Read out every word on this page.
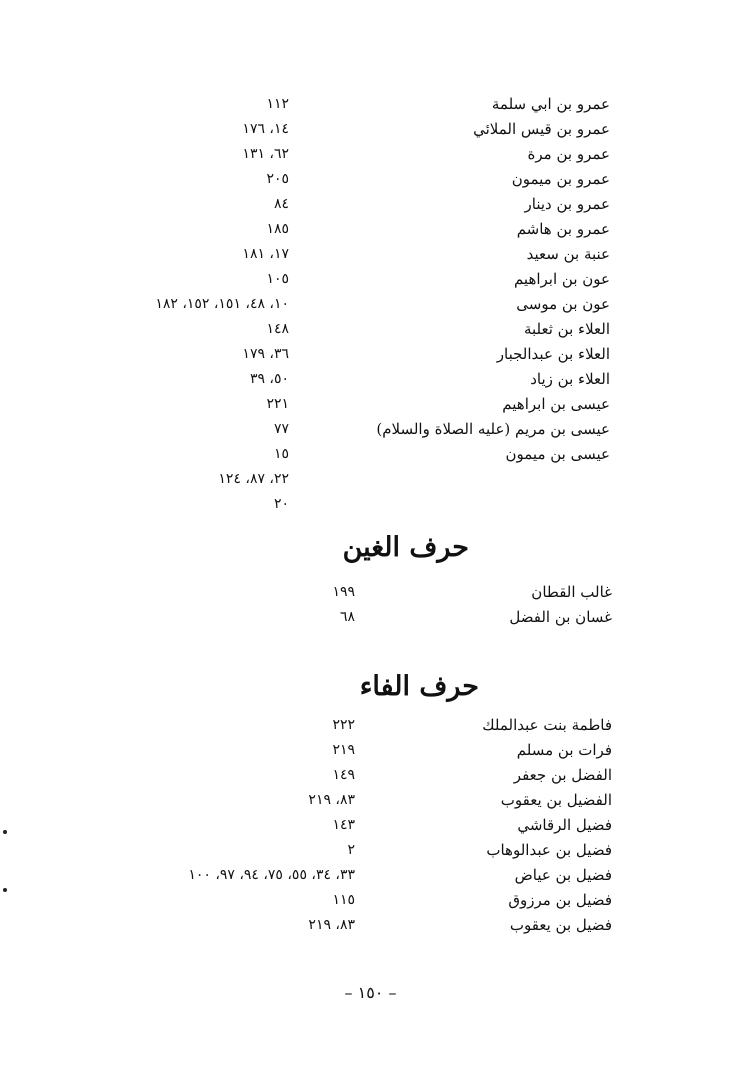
عمرو بن ابي سلمة
١١٢
عمرو بن قيس الملائي
١٤، ١٧٦
عمرو بن مرة
٦٢، ١٣١
عمرو بن ميمون
٢٠٥
عمرو بن دينار
٨٤
عمرو بن هاشم
١٨٥
عنبة بن سعيد
١٧، ١٨١
عون بن ابراهيم
١٠٥
عون بن موسى
١٠، ٤٨، ١٥١، ١٥٢، ١٨٢
العلاء بن ثعلبة
١٤٨
العلاء بن عبدالجبار
٣٦، ١٧٩
العلاء بن زياد
٥٠، ٣٩
عيسى بن ابراهيم
٢٢١
عيسى بن مريم (عليه الصلاة والسلام)
٧٧
عيسى بن ميمون
١٥
٢٢، ٨٧، ١٢٤
٢٠
حرف الغين
غالب القطان
١٩٩
غسان بن الفضل
٦٨
حرف الفاء
فاطمة بنت عبدالملك
٢٢٢
فرات بن مسلم
٢١٩
الفضل بن جعفر
١٤٩
الفضيل بن يعقوب
٨٣، ٢١٩
فضيل الرقاشي
١٤٣
فضيل بن عبدالوهاب
٢
فضيل بن عياض
٣٣، ٣٤، ٥٥، ٧٥، ٩٤، ٩٧، ١٠٠
فضيل بن مرزوق
١١٥
فضيل بن يعقوب
٨٣، ٢١٩
– ١٥٠ –
